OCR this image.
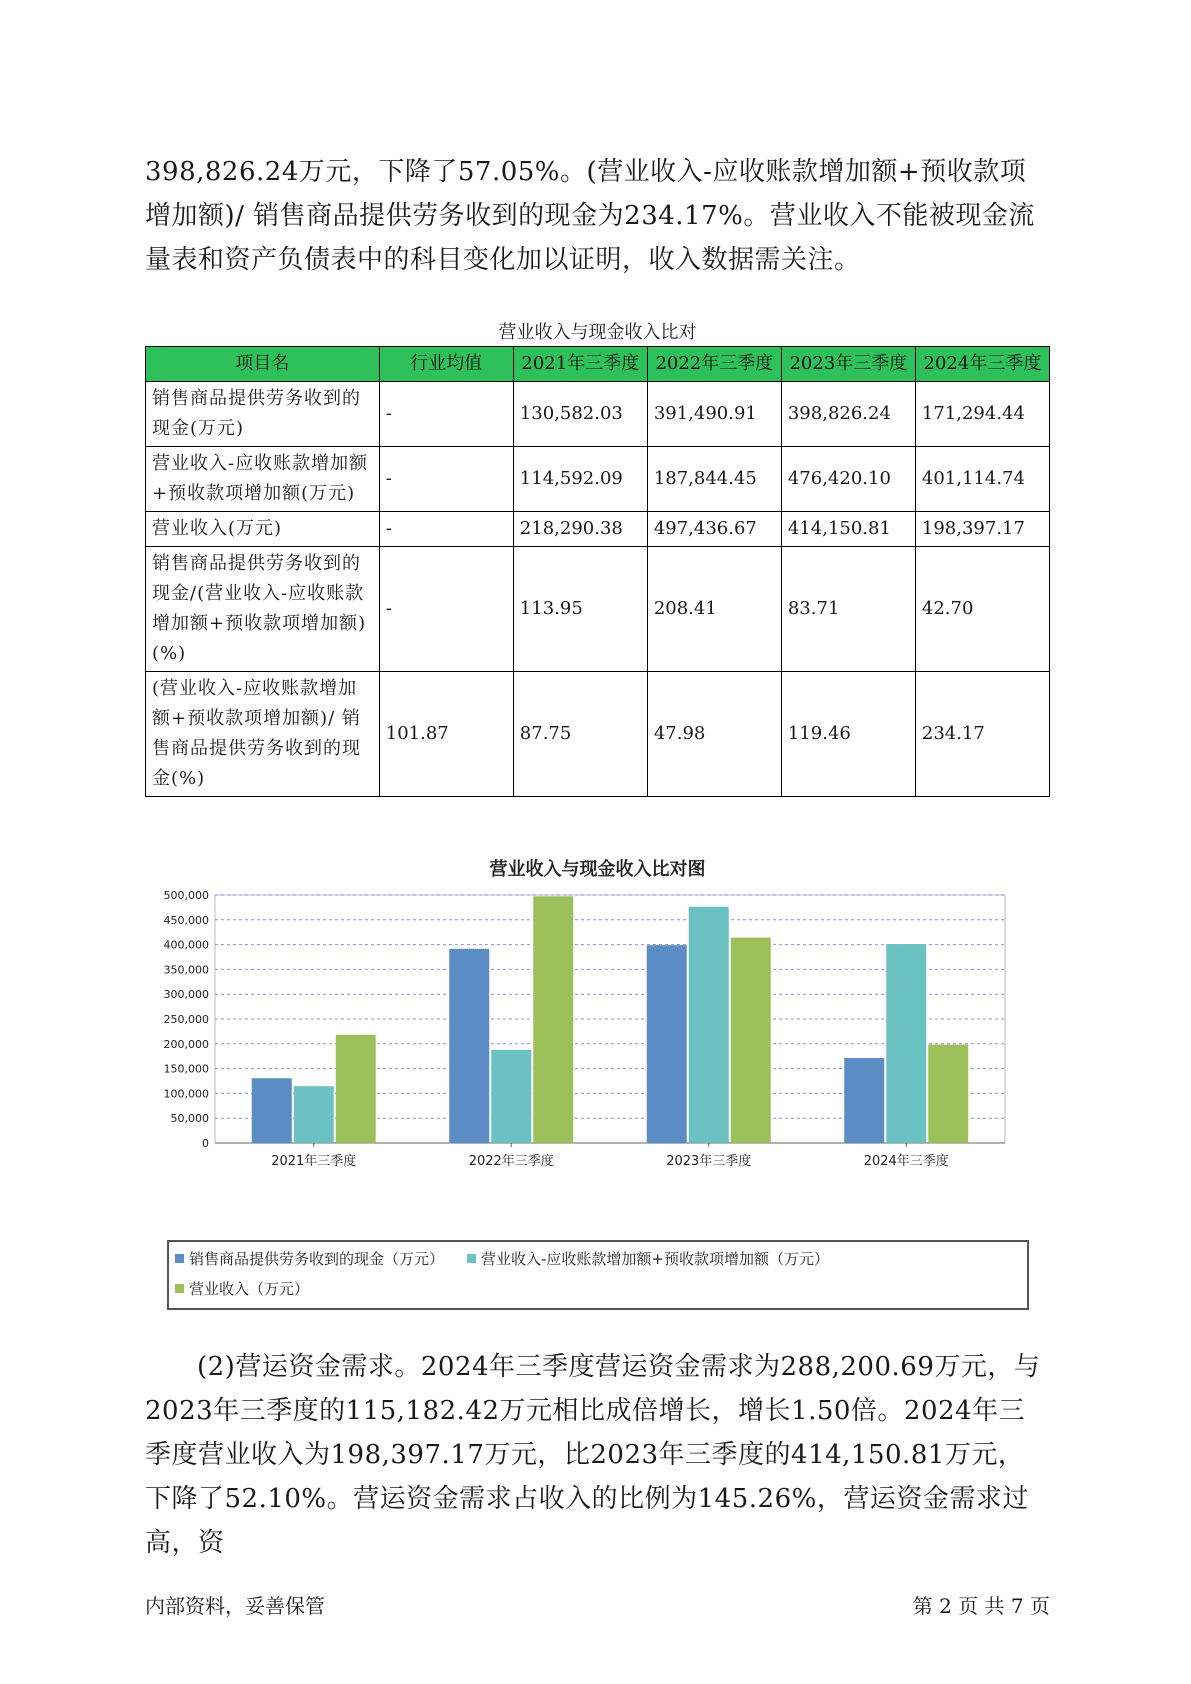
398,826.24万元，下降了57.05%。(营业收入-应收账款增加额+预收款项增加额)/ 销售商品提供劳务收到的现金为234.17%。营业收入不能被现金流量表和资产负债表中的科目变化加以证明，收入数据需关注。

营业收入与现金收入比对
项目名	行业均值	2021年三季度	2022年三季度	2023年三季度	2024年三季度
销售商品提供劳务收到的现金(万元)	-	130,582.03	391,490.91	398,826.24	171,294.44
营业收入-应收账款增加额+预收款项增加额(万元)	-	114,592.09	187,844.45	476,420.10	401,114.74
营业收入(万元)	-	218,290.38	497,436.67	414,150.81	198,397.17
销售商品提供劳务收到的现金/(营业收入-应收账款增加额+预收款项增加额)(%)	-	113.95	208.41	83.71	42.70
(营业收入-应收账款增加额+预收款项增加额)/ 销售商品提供劳务收到的现金(%)	101.87	87.75	47.98	119.46	234.17
营业收入与现金收入比对图
0
50,000
100,000
150,000
200,000
250,000
300,000
350,000
400,000
450,000
500,000
2021年三季度	2022年三季度	2023年三季度	2024年三季度
销售商品提供劳务收到的现金（万元） 营业收入-应收账款增加额+预收款项增加额（万元）
营业收入（万元）

(2)营运资金需求。2024年三季度营运资金需求为288,200.69万元，与2023年三季度的115,182.42万元相比成倍增长，增长1.50倍。2024年三季度营业收入为198,397.17万元，比2023年三季度的414,150.81万元，下降了52.10%。营运资金需求占收入的比例为145.26%，营运资金需求过高，资

内部资料，妥善保管	第 2 页 共 7 页
